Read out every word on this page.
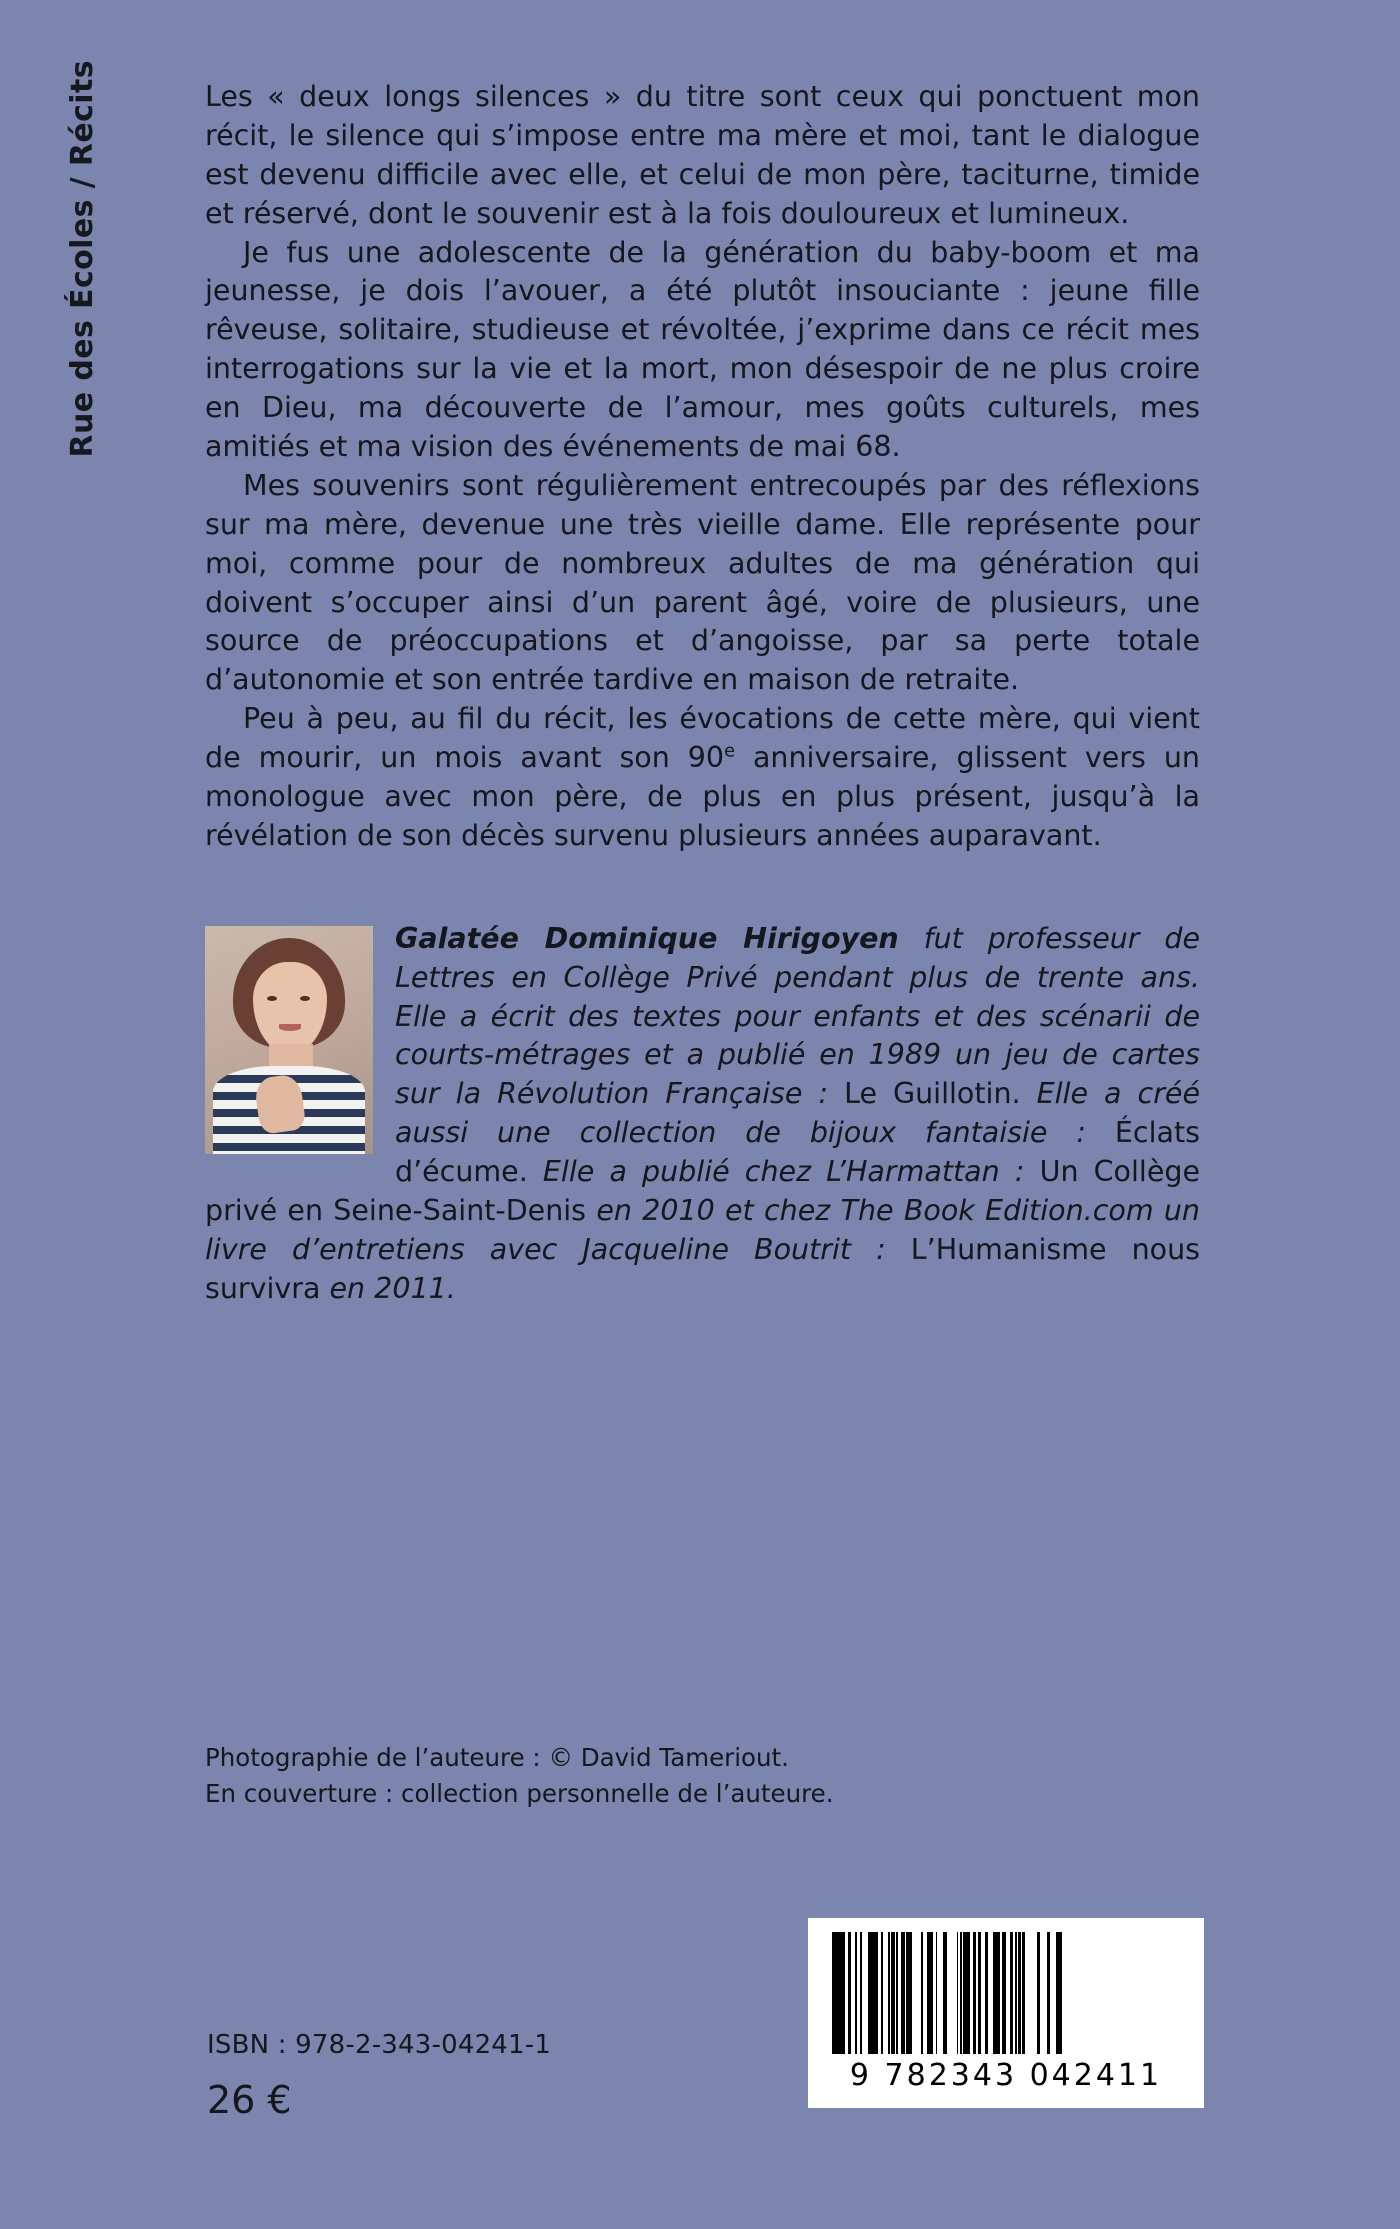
Rue des Écoles / Récits	Les « deux longs silences » du titre sont ceux qui ponctuent mon récit, le silence qui s’impose entre ma mère et moi, tant le dialogue est devenu difficile avec elle, et celui de mon père, taciturne, timide et réservé, dont le souvenir est à la fois douloureux et lumineux.

Je fus une adolescente de la génération du baby-boom et ma jeunesse, je dois l’avouer, a été plutôt insouciante : jeune fille rêveuse, solitaire, studieuse et révoltée, j’exprime dans ce récit mes interrogations sur la vie et la mort, mon désespoir de ne plus croire en Dieu, ma découverte de l’amour, mes goûts culturels, mes amitiés et ma vision des événements de mai 68.

Mes souvenirs sont régulièrement entrecoupés par des réflexions sur ma mère, devenue une très vieille dame. Elle représente pour moi, comme pour de nombreux adultes de ma génération qui doivent s’occuper ainsi d’un parent âgé, voire de plusieurs, une source de préoccupations et d’angoisse, par sa perte totale d’autonomie et son entrée tardive en maison de retraite.

Peu à peu, au fil du récit, les évocations de cette mère, qui vient de mourir, un mois avant son 90e anniversaire, glissent vers un monologue avec mon père, de plus en plus présent, jusqu’à la révélation de son décès survenu plusieurs années auparavant.

Galatée Dominique Hirigoyen fut professeur de Lettres en Collège Privé pendant plus de trente ans. Elle a écrit des textes pour enfants et des scénarii de courts-métrages et a publié en 1989 un jeu de cartes sur la Révolution Française : Le Guillotin. Elle a créé aussi une collection de bijoux fantaisie : Éclats d’écume. Elle a publié chez L’Harmattan : Un Collège privé en Seine-Saint-Denis en 2010 et chez The Book Edition.com un livre d’entretiens avec Jacqueline Boutrit : L’Humanisme nous survivra en 2011.
Photographie de l’auteure : © David Tameriout.
En couverture : collection personnelle de l’auteure.
ISBN : 978-2-343-04241-1
26 €
9 782343 042411
